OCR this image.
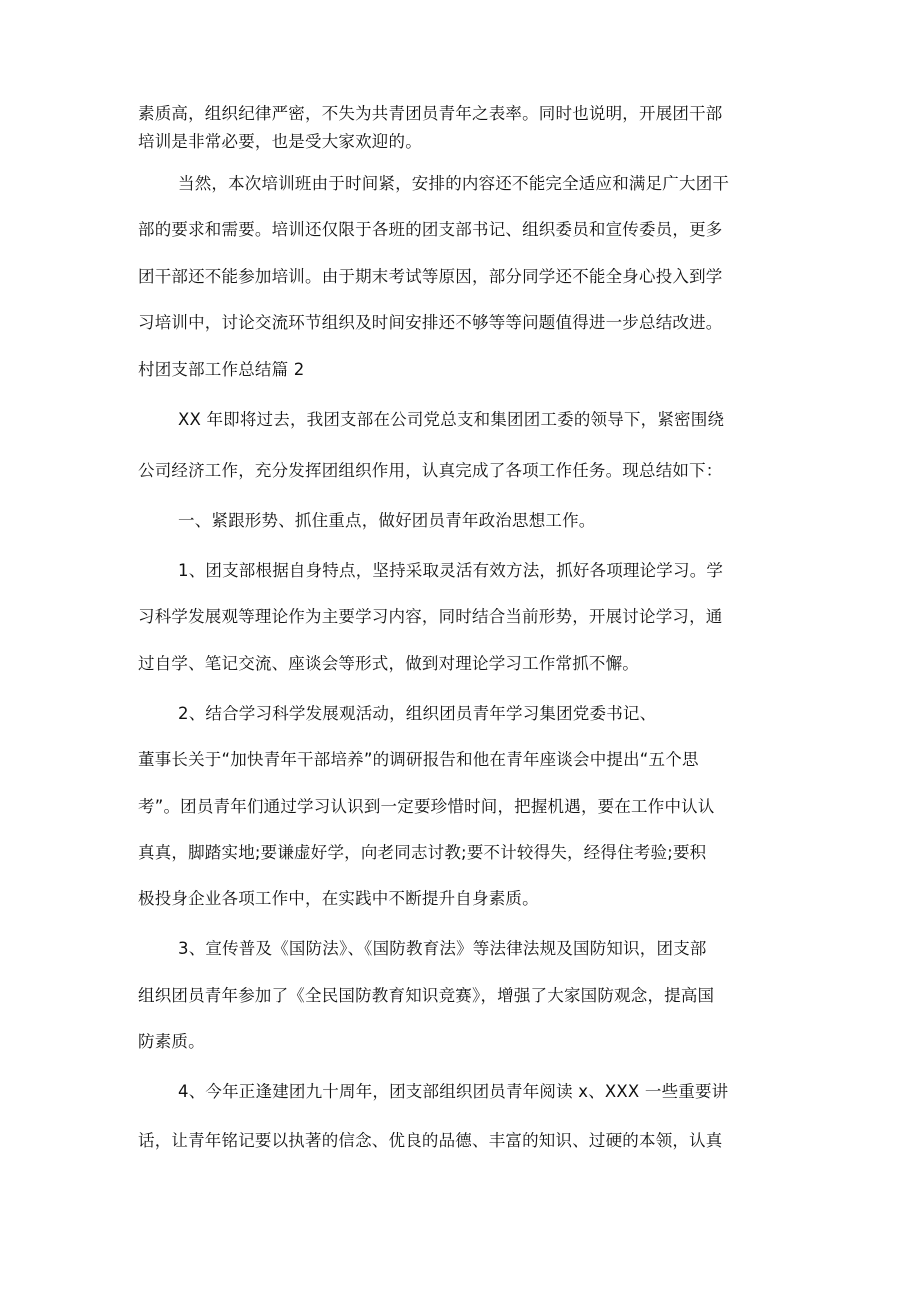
素质高，组织纪律严密，不失为共青团员青年之表率。同时也说明，开展团干部
培训是非常必要，也是受大家欢迎的。
当然，本次培训班由于时间紧，安排的内容还不能完全适应和满足广大团干
部的要求和需要。培训还仅限于各班的团支部书记、组织委员和宣传委员，更多
团干部还不能参加培训。由于期末考试等原因，部分同学还不能全身心投入到学
习培训中，讨论交流环节组织及时间安排还不够等等问题值得进一步总结改进。
村团支部工作总结篇 2
XX 年即将过去，我团支部在公司党总支和集团团工委的领导下，紧密围绕
公司经济工作，充分发挥团组织作用，认真完成了各项工作任务。现总结如下：
一、紧跟形势、抓住重点，做好团员青年政治思想工作。
1、团支部根据自身特点，坚持采取灵活有效方法，抓好各项理论学习。学
习科学发展观等理论作为主要学习内容，同时结合当前形势，开展讨论学习，通
过自学、笔记交流、座谈会等形式，做到对理论学习工作常抓不懈。
2、结合学习科学发展观活动，组织团员青年学习集团党委书记、
董事长关于“加快青年干部培养”的调研报告和他在青年座谈会中提出“五个思
考”。团员青年们通过学习认识到一定要珍惜时间，把握机遇，要在工作中认认
真真，脚踏实地;要谦虚好学，向老同志讨教;要不计较得失，经得住考验;要积
极投身企业各项工作中，在实践中不断提升自身素质。
3、宣传普及《国防法》、《国防教育法》等法律法规及国防知识，团支部
组织团员青年参加了《全民国防教育知识竞赛》，增强了大家国防观念，提高国
防素质。
4、今年正逢建团九十周年，团支部组织团员青年阅读 x、XXX 一些重要讲
话，让青年铭记要以执著的信念、优良的品德、丰富的知识、过硬的本领，认真
